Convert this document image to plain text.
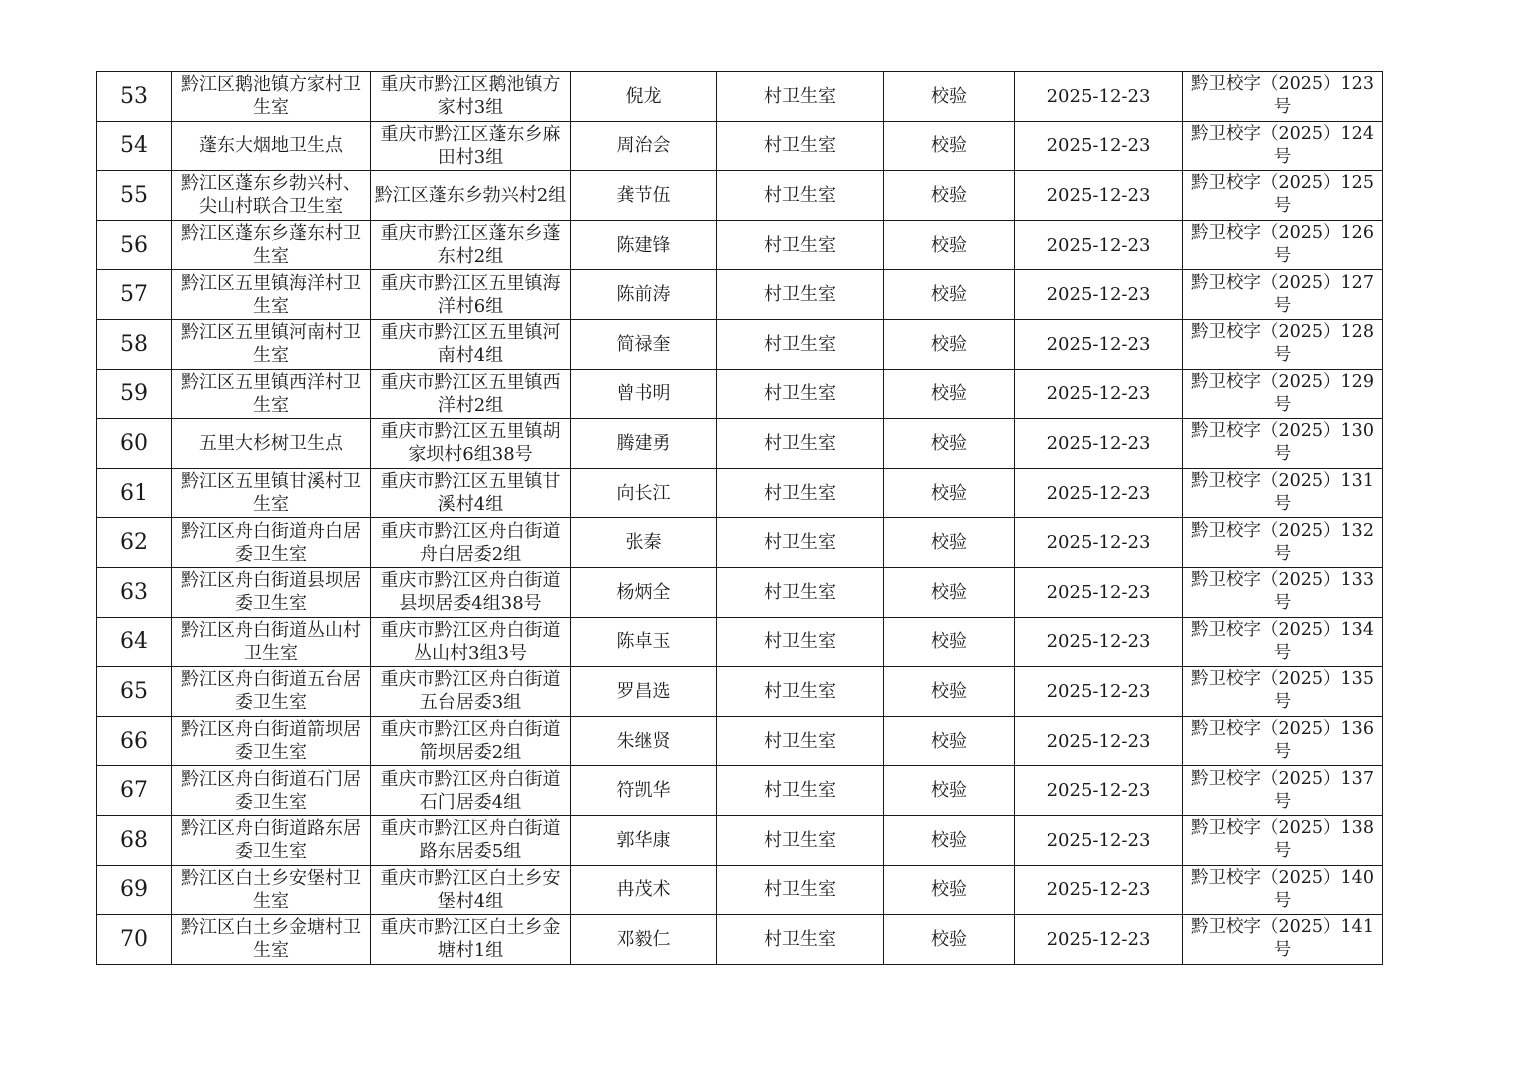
53	黔江区鹅池镇方家村卫生室	重庆市黔江区鹅池镇方家村3组	倪龙	村卫生室	校验	2025-12-23	黔卫校字（2025）123号
54	蓬东大烟地卫生点	重庆市黔江区蓬东乡麻田村3组	周治会	村卫生室	校验	2025-12-23	黔卫校字（2025）124号
55	黔江区蓬东乡勃兴村、尖山村联合卫生室	黔江区蓬东乡勃兴村2组	龚节伍	村卫生室	校验	2025-12-23	黔卫校字（2025）125号
56	黔江区蓬东乡蓬东村卫生室	重庆市黔江区蓬东乡蓬东村2组	陈建锋	村卫生室	校验	2025-12-23	黔卫校字（2025）126号
57	黔江区五里镇海洋村卫生室	重庆市黔江区五里镇海洋村6组	陈前涛	村卫生室	校验	2025-12-23	黔卫校字（2025）127号
58	黔江区五里镇河南村卫生室	重庆市黔江区五里镇河南村4组	简禄奎	村卫生室	校验	2025-12-23	黔卫校字（2025）128号
59	黔江区五里镇西洋村卫生室	重庆市黔江区五里镇西洋村2组	曾书明	村卫生室	校验	2025-12-23	黔卫校字（2025）129号
60	五里大杉树卫生点	重庆市黔江区五里镇胡家坝村6组38号	腾建勇	村卫生室	校验	2025-12-23	黔卫校字（2025）130号
61	黔江区五里镇甘溪村卫生室	重庆市黔江区五里镇甘溪村4组	向长江	村卫生室	校验	2025-12-23	黔卫校字（2025）131号
62	黔江区舟白街道舟白居委卫生室	重庆市黔江区舟白街道舟白居委2组	张秦	村卫生室	校验	2025-12-23	黔卫校字（2025）132号
63	黔江区舟白街道县坝居委卫生室	重庆市黔江区舟白街道县坝居委4组38号	杨炳全	村卫生室	校验	2025-12-23	黔卫校字（2025）133号
64	黔江区舟白街道丛山村卫生室	重庆市黔江区舟白街道丛山村3组3号	陈卓玉	村卫生室	校验	2025-12-23	黔卫校字（2025）134号
65	黔江区舟白街道五台居委卫生室	重庆市黔江区舟白街道五台居委3组	罗昌选	村卫生室	校验	2025-12-23	黔卫校字（2025）135号
66	黔江区舟白街道箭坝居委卫生室	重庆市黔江区舟白街道箭坝居委2组	朱继贤	村卫生室	校验	2025-12-23	黔卫校字（2025）136号
67	黔江区舟白街道石门居委卫生室	重庆市黔江区舟白街道石门居委4组	符凯华	村卫生室	校验	2025-12-23	黔卫校字（2025）137号
68	黔江区舟白街道路东居委卫生室	重庆市黔江区舟白街道路东居委5组	郭华康	村卫生室	校验	2025-12-23	黔卫校字（2025）138号
69	黔江区白土乡安堡村卫生室	重庆市黔江区白土乡安堡村4组	冉茂术	村卫生室	校验	2025-12-23	黔卫校字（2025）140号
70	黔江区白土乡金塘村卫生室	重庆市黔江区白土乡金塘村1组	邓毅仁	村卫生室	校验	2025-12-23	黔卫校字（2025）141号
